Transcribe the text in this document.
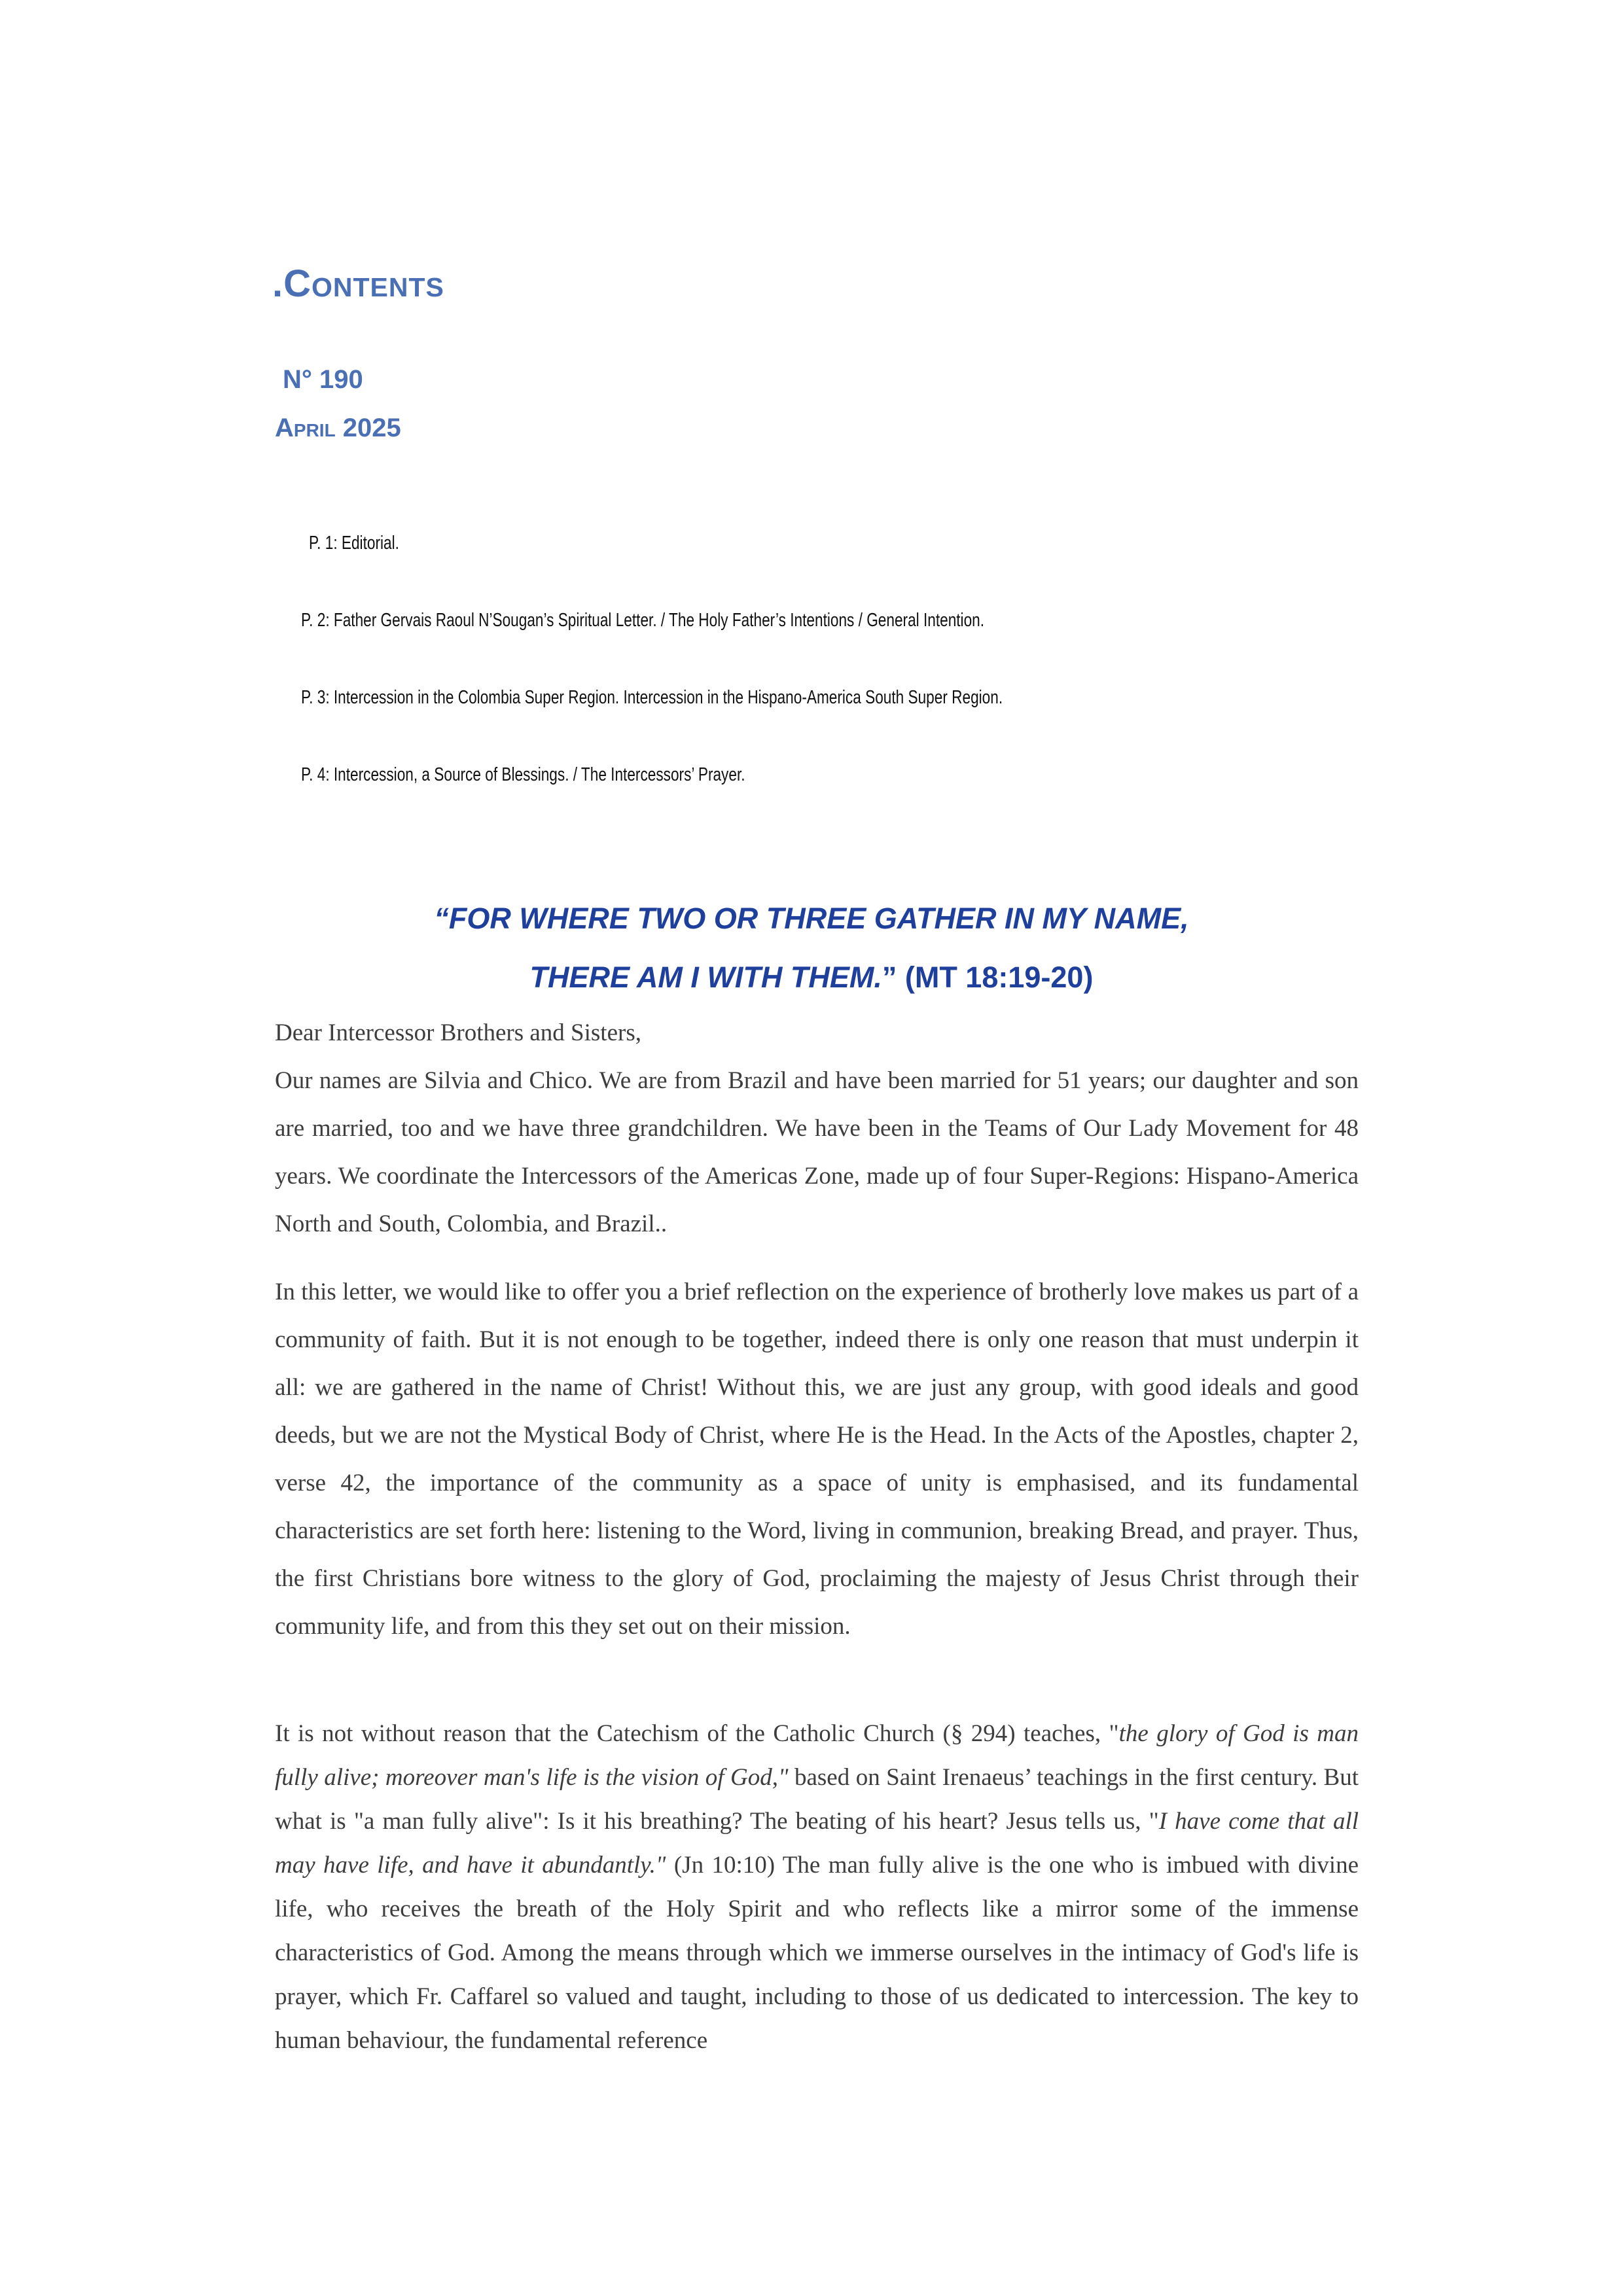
.Contents
N° 190
April 2025
P. 1: Editorial.
P. 2: Father Gervais Raoul N’Sougan’s Spiritual Letter. / The Holy Father’s Intentions / General Intention.
P. 3: Intercession in the Colombia Super Region. Intercession in the Hispano-America South Super Region.
P. 4: Intercession, a Source of Blessings. / The Intercessors’ Prayer.
“FOR WHERE TWO OR THREE GATHER IN MY NAME,
THERE AM I WITH THEM.” (MT 18:19-20)
Dear Intercessor Brothers and Sisters,

Our names are Silvia and Chico. We are from Brazil and have been married for 51 years; our daughter and son are married, too and we have three grandchildren. We have been in the Teams of Our Lady Movement for 48 years. We coordinate the Intercessors of the Americas Zone, made up of four Super-Regions: Hispano-America North and South, Colombia, and Brazil..

In this letter, we would like to offer you a brief reflection on the experience of brotherly love makes us part of a community of faith. But it is not enough to be together, indeed there is only one reason that must underpin it all: we are gathered in the name of Christ! Without this, we are just any group, with good ideals and good deeds, but we are not the Mystical Body of Christ, where He is the Head. In the Acts of the Apostles, chapter 2, verse 42, the importance of the community as a space of unity is emphasised, and its fundamental characteristics are set forth here: listening to the Word, living in communion, breaking Bread, and prayer. Thus, the first Christians bore witness to the glory of God, proclaiming the majesty of Jesus Christ through their community life, and from this they set out on their mission.

It is not without reason that the Catechism of the Catholic Church (§ 294) teaches, "the glory of God is man fully alive; moreover man's life is the vision of God," based on Saint Irenaeus’ teachings in the first century. But what is "a man fully alive": Is it his breathing? The beating of his heart? Jesus tells us, "I have come that all may have life, and have it abundantly." (Jn 10:10) The man fully alive is the one who is imbued with divine life, who receives the breath of the Holy Spirit and who reflects like a mirror some of the immense characteristics of God. Among the means through which we immerse ourselves in the intimacy of God's life is prayer, which Fr. Caffarel so valued and taught, including to those of us dedicated to intercession. The key to human behaviour, the fundamental reference
